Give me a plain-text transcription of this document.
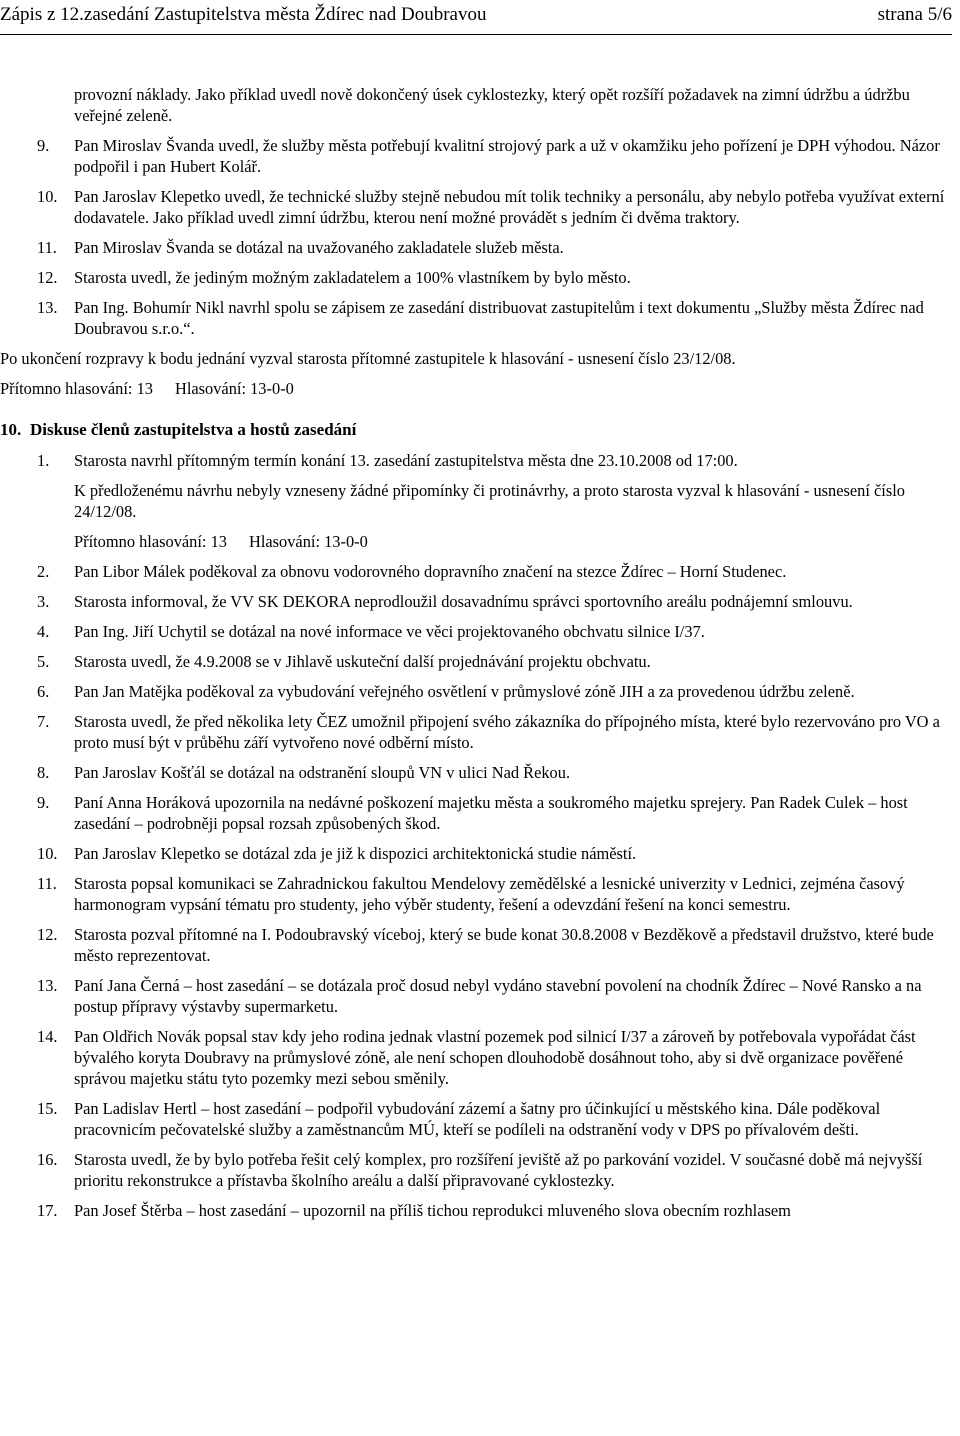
Zápis z 12.zasedání Zastupitelstva města Ždírec nad Doubravou	strana 5/6
provozní náklady. Jako příklad uvedl nově dokončený úsek cyklostezky, který opět rozšíří požadavek na zimní údržbu a údržbu veřejné zeleně.
9. Pan Miroslav Švanda uvedl, že služby města potřebují kvalitní strojový park a už v okamžiku jeho pořízení je DPH výhodou. Názor podpořil i pan Hubert Kolář.
10. Pan Jaroslav Klepetko uvedl, že technické služby stejně nebudou mít tolik techniky a personálu, aby nebylo potřeba využívat externí dodavatele. Jako příklad uvedl zimní údržbu, kterou není možné provádět s jedním či dvěma traktory.
11. Pan Miroslav Švanda se dotázal na uvažovaného zakladatele služeb města.
12. Starosta uvedl, že jediným možným zakladatelem a 100% vlastníkem by bylo město.
13. Pan Ing. Bohumír Nikl navrhl spolu se zápisem ze zasedání distribuovat zastupitelům i text dokumentu „Služby města Ždírec nad Doubravou s.r.o.“.
Po ukončení rozpravy k bodu jednání vyzval starosta přítomné zastupitele k hlasování - usnesení číslo 23/12/08.
Přítomno hlasování: 13 Hlasování: 13-0-0
10. Diskuse členů zastupitelstva a hostů zasedání
1. Starosta navrhl přítomným termín konání 13. zasedání zastupitelstva města dne 23.10.2008 od 17:00.
K předloženému návrhu nebyly vzneseny žádné připomínky či protinávrhy, a proto starosta vyzval k hlasování - usnesení číslo 24/12/08.
Přítomno hlasování: 13 Hlasování: 13-0-0
2. Pan Libor Málek poděkoval za obnovu vodorovného dopravního značení na stezce Ždírec – Horní Studenec.
3. Starosta informoval, že VV SK DEKORA neprodloužil dosavadnímu správci sportovního areálu podnájemní smlouvu.
4. Pan Ing. Jiří Uchytil se dotázal na nové informace ve věci projektovaného obchvatu silnice I/37.
5. Starosta uvedl, že 4.9.2008 se v Jihlavě uskuteční další projednávání projektu obchvatu.
6. Pan Jan Matějka poděkoval za vybudování veřejného osvětlení v průmyslové zóně JIH a za provedenou údržbu zeleně.
7. Starosta uvedl, že před několika lety ČEZ umožnil připojení svého zákazníka do přípojného místa, které bylo rezervováno pro VO a proto musí být v průběhu září vytvořeno nové odběrní místo.
8. Pan Jaroslav Košťál se dotázal na odstranění sloupů VN v ulici Nad Řekou.
9. Paní Anna Horáková upozornila na nedávné poškození majetku města a soukromého majetku sprejery. Pan Radek Culek – host zasedání – podrobněji popsal rozsah způsobených škod.
10. Pan Jaroslav Klepetko se dotázal zda je již k dispozici architektonická studie náměstí.
11. Starosta popsal komunikaci se Zahradnickou fakultou Mendelovy zemědělské a lesnické univerzity v Lednici, zejména časový harmonogram vypsání tématu pro studenty, jeho výběr studenty, řešení a odevzdání řešení na konci semestru.
12. Starosta pozval přítomné na I. Podoubravský víceboj, který se bude konat 30.8.2008 v Bezděkově a představil družstvo, které bude město reprezentovat.
13. Paní Jana Černá – host zasedání – se dotázala proč dosud nebyl vydáno stavební povolení na chodník Ždírec – Nové Ransko a na postup přípravy výstavby supermarketu.
14. Pan Oldřich Novák popsal stav kdy jeho rodina jednak vlastní pozemek pod silnicí I/37 a zároveň by potřebovala vypořádat část bývalého koryta Doubravy na průmyslové zóně, ale není schopen dlouhodobě dosáhnout toho, aby si dvě organizace pověřené správou majetku státu tyto pozemky mezi sebou směnily.
15. Pan Ladislav Hertl – host zasedání – podpořil vybudování zázemí a šatny pro účinkující u městského kina. Dále poděkoval pracovnicím pečovatelské služby a zaměstnancům MÚ, kteří se podíleli na odstranění vody v DPS po přívalovém dešti.
16. Starosta uvedl, že by bylo potřeba řešit celý komplex, pro rozšíření jeviště až po parkování vozidel. V současné době má nejvyšší prioritu rekonstrukce a přístavba školního areálu a další připravované cyklostezky.
17. Pan Josef Štěrba – host zasedání – upozornil na příliš tichou reprodukci mluveného slova obecním rozhlasem
